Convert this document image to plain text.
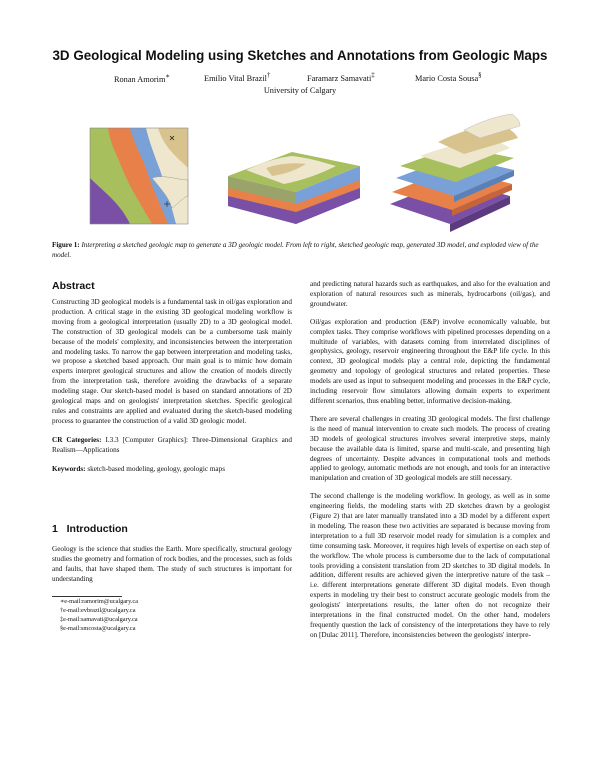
3D Geological Modeling using Sketches and Annotations from Geologic Maps
Ronan Amorim∗	Emilio Vital Brazil†	Faramarz Samavati‡	Mario Costa Sousa§
University of Calgary
Figure 1: Interpreting a sketched geologic map to generate a 3D geologic model. From left to right, sketched geologic map, generated 3D model, and exploded view of the model.
Abstract

Constructing 3D geological models is a fundamental task in oil/gas exploration and production. A critical stage in the existing 3D geological modeling workflow is moving from a geological interpretation (usually 2D) to a 3D geological model. The construction of 3D geological models can be a cumbersome task mainly because of the models' complexity, and inconsistencies between the interpretation and modeling tasks. To narrow the gap between interpretation and modeling tasks, we propose a sketched based approach. Our main goal is to mimic how domain experts interpret geological structures and allow the creation of models directly from the interpretation task, therefore avoiding the drawbacks of a separate modeling stage. Our sketch-based model is based on standard annotations of 2D geological maps and on geologists' interpretation sketches. Specific geological rules and constraints are applied and evaluated during the sketch-based modeling process to guarantee the construction of a valid 3D geologic model.

CR Categories: I.3.3 [Computer Graphics]: Three-Dimensional Graphics and Realism—Applications

Keywords: sketch-based modeling, geology, geologic maps

1 Introduction

Geology is the science that studies the Earth. More specifically, structural geology studies the geometry and formation of rock bodies, and the processes, such as folds and faults, that have shaped them. The study of such structures is important for understanding

∗e-mail:ramorim@ucalgary.ca
†e-mail:evbrazil@ucalgary.ca
‡e-mail:samavati@ucalgary.ca
§e-mail:smcosta@ucalgary.ca

and predicting natural hazards such as earthquakes, and also for the evaluation and exploration of natural resources such as minerals, hydrocarbons (oil/gas), and groundwater.

Oil/gas exploration and production (E&P) involve economically valuable, but complex tasks. They comprise workflows with pipelined processes depending on a multitude of variables, with datasets coming from interrelated disciplines of geophysics, geology, reservoir engineering throughout the E&P life cycle. In this context, 3D geological models play a central role, depicting the fundamental geometry and topology of geological structures and related properties. These models are used as input to subsequent modeling and processes in the E&P cycle, including reservoir flow simulators allowing domain experts to experiment different scenarios, thus enabling better, informative decision-making.

There are several challenges in creating 3D geological models. The first challenge is the need of manual intervention to create such models. The process of creating 3D models of geological structures involves several interpretive steps, mainly because the available data is limited, sparse and multi-scale, and presenting high degrees of uncertainty. Despite advances in computational tools and methods applied to geology, automatic methods are not enough, and tools for an interactive manipulation and creation of 3D geological models are still necessary.

The second challenge is the modeling workflow. In geology, as well as in some engineering fields, the modeling starts with 2D sketches drawn by a geologist (Figure 2) that are later manually translated into a 3D model by a different expert in modeling. The reason these two activities are separated is because moving from interpretation to a full 3D reservoir model ready for simulation is a complex and time consuming task. Moreover, it requires high levels of expertise on each step of the workflow. The whole process is cumbersome due to the lack of computational tools providing a consistent translation from 2D sketches to 3D digital models. In addition, different results are achieved given the interpretive nature of the task – i.e. different interpretations generate different 3D digital models. Even though experts in modeling try their best to construct accurate geologic models from the geologists' interpretations results, the latter often do not recognize their interpretations in the final constructed model. On the other hand, modelers frequently question the lack of consistency of the interpretations they have to rely on [Dulac 2011]. Therefore, inconsistencies between the geologists' interpre-
